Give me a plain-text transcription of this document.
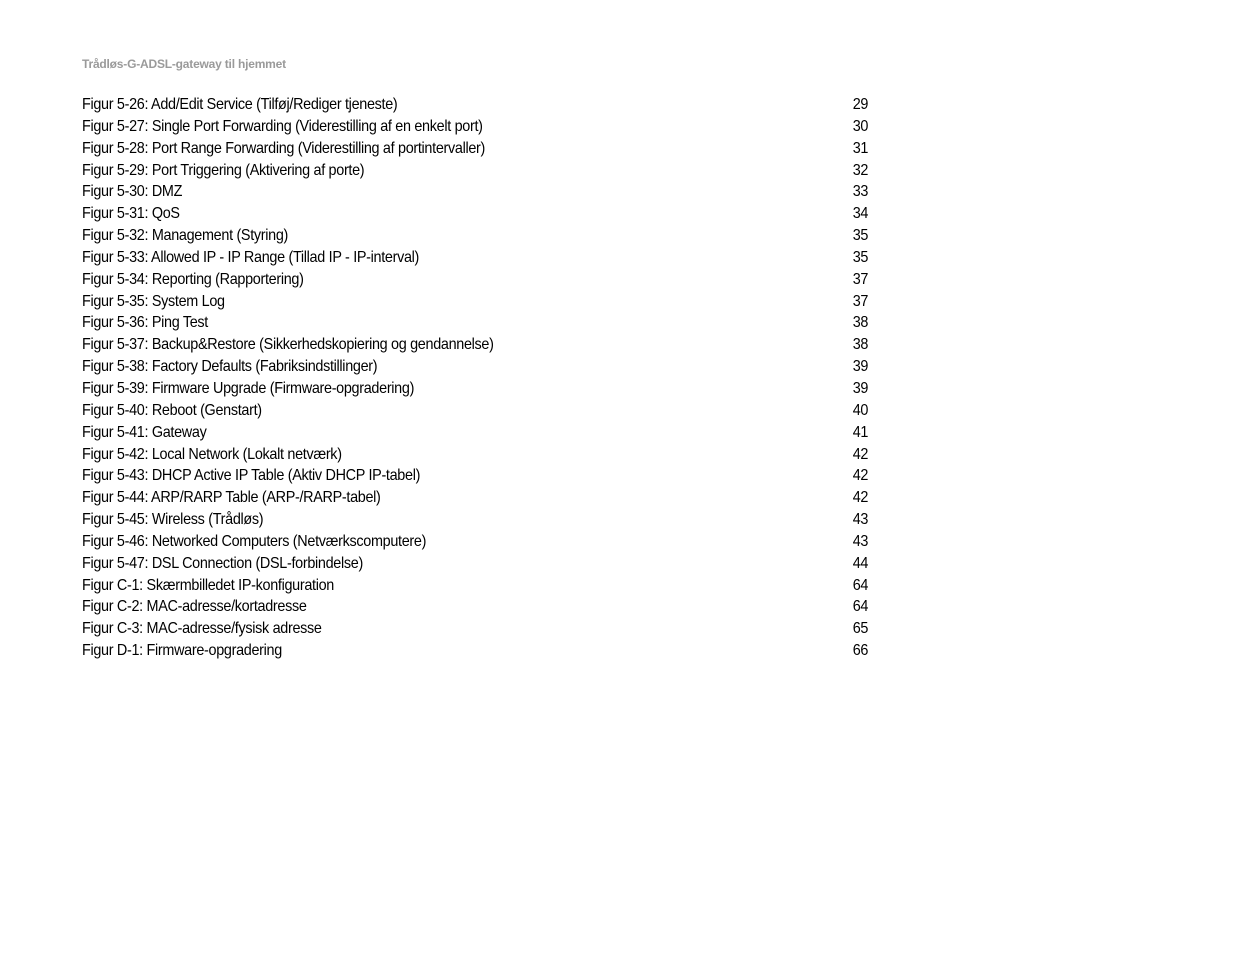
Trådløs-G-ADSL-gateway til hjemmet
Figur 5-26: Add/Edit Service (Tilføj/Rediger tjeneste)	29
Figur 5-27: Single Port Forwarding (Viderestilling af en enkelt port)	30
Figur 5-28: Port Range Forwarding (Viderestilling af portintervaller)	31
Figur 5-29: Port Triggering (Aktivering af porte)	32
Figur 5-30: DMZ	33
Figur 5-31: QoS	34
Figur 5-32: Management (Styring)	35
Figur 5-33: Allowed IP - IP Range (Tillad IP - IP-interval)	35
Figur 5-34: Reporting (Rapportering)	37
Figur 5-35: System Log	37
Figur 5-36: Ping Test	38
Figur 5-37: Backup&Restore (Sikkerhedskopiering og gendannelse)	38
Figur 5-38: Factory Defaults (Fabriksindstillinger)	39
Figur 5-39: Firmware Upgrade (Firmware-opgradering)	39
Figur 5-40: Reboot (Genstart)	40
Figur 5-41: Gateway	41
Figur 5-42: Local Network (Lokalt netværk)	42
Figur 5-43: DHCP Active IP Table (Aktiv DHCP IP-tabel)	42
Figur 5-44: ARP/RARP Table (ARP-/RARP-tabel)	42
Figur 5-45: Wireless (Trådløs)	43
Figur 5-46: Networked Computers (Netværkscomputere)	43
Figur 5-47: DSL Connection (DSL-forbindelse)	44
Figur C-1: Skærmbilledet IP-konfiguration	64
Figur C-2: MAC-adresse/kortadresse	64
Figur C-3: MAC-adresse/fysisk adresse	65
Figur D-1: Firmware-opgradering	66
